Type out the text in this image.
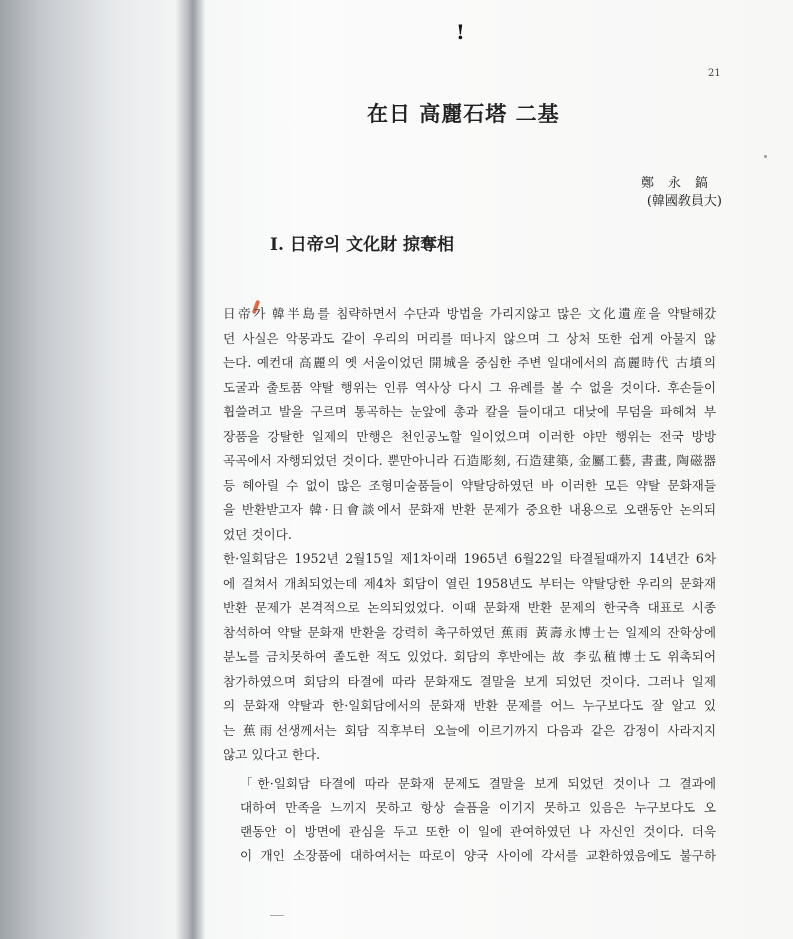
!
21
在日 高麗石塔 二基
鄭永鎬
(韓國敎員大)
Ⅰ. 日帝의 文化財 掠奪相
日帝가 韓半島를 침략하면서 수단과 방법을 가리지않고 많은 文化遺産을 약탈해갔
던 사실은 악몽과도 같이 우리의 머리를 떠나지 않으며 그 상처 또한 쉽게 아물지 않
는다. 예컨대 高麗의 옛 서울이었던 開城을 중심한 주변 일대에서의 高麗時代 古墳의
도굴과 출토품 약탈 행위는 인류 역사상 다시 그 유례를 볼 수 없을 것이다. 후손들이
휩쓸려고 발을 구르며 통곡하는 눈앞에 총과 칼을 들이대고 대낮에 무덤을 파헤쳐 부
장품을 강탈한 일제의 만행은 천인공노할 일이었으며 이러한 야만 행위는 전국 방방
곡곡에서 자행되었던 것이다. 뿐만아니라 石造彫刻, 石造建築, 金屬工藝, 書畫, 陶磁器
등 헤아릴 수 없이 많은 조형미술품들이 약탈당하였던 바 이러한 모든 약탈 문화재들
을 반환받고자 韓·日會談에서 문화재 반환 문제가 중요한 내용으로 오랜동안 논의되
었던 것이다.
한·일회담은 1952년 2월15일 제1차이래 1965년 6월22일 타결될때까지 14년간 6차
에 걸쳐서 개최되었는데 제4차 회담이 열린 1958년도 부터는 약탈당한 우리의 문화재
반환 문제가 본격적으로 논의되었었다. 이때 문화재 반환 문제의 한국측 대표로 시종
참석하여 약탈 문화재 반환을 강력히 촉구하였던 蕉雨 黃壽永博士는 일제의 잔학상에
분노를 금치못하여 졸도한 적도 있었다. 회담의 후반에는 故 李弘稙博士도 위촉되어
참가하였으며 회담의 타결에 따라 문화재도 결말을 보게 되었던 것이다. 그러나 일제
의 문화재 약탈과 한·일회담에서의 문화재 반환 문제를 어느 누구보다도 잘 알고 있
는 蕉雨선생께서는 회담 직후부터 오늘에 이르기까지 다음과 같은 감정이 사라지지
않고 있다고 한다.
「한·일회담 타결에 따라 문화재 문제도 결말을 보게 되었던 것이나 그 결과에
대하여 만족을 느끼지 못하고 항상 슬픔을 이기지 못하고 있음은 누구보다도 오
랜동안 이 방면에 관심을 두고 또한 이 일에 관여하였던 나 자신인 것이다. 더욱
이 개인 소장품에 대하여서는 따로이 양국 사이에 각서를 교환하였음에도 불구하
